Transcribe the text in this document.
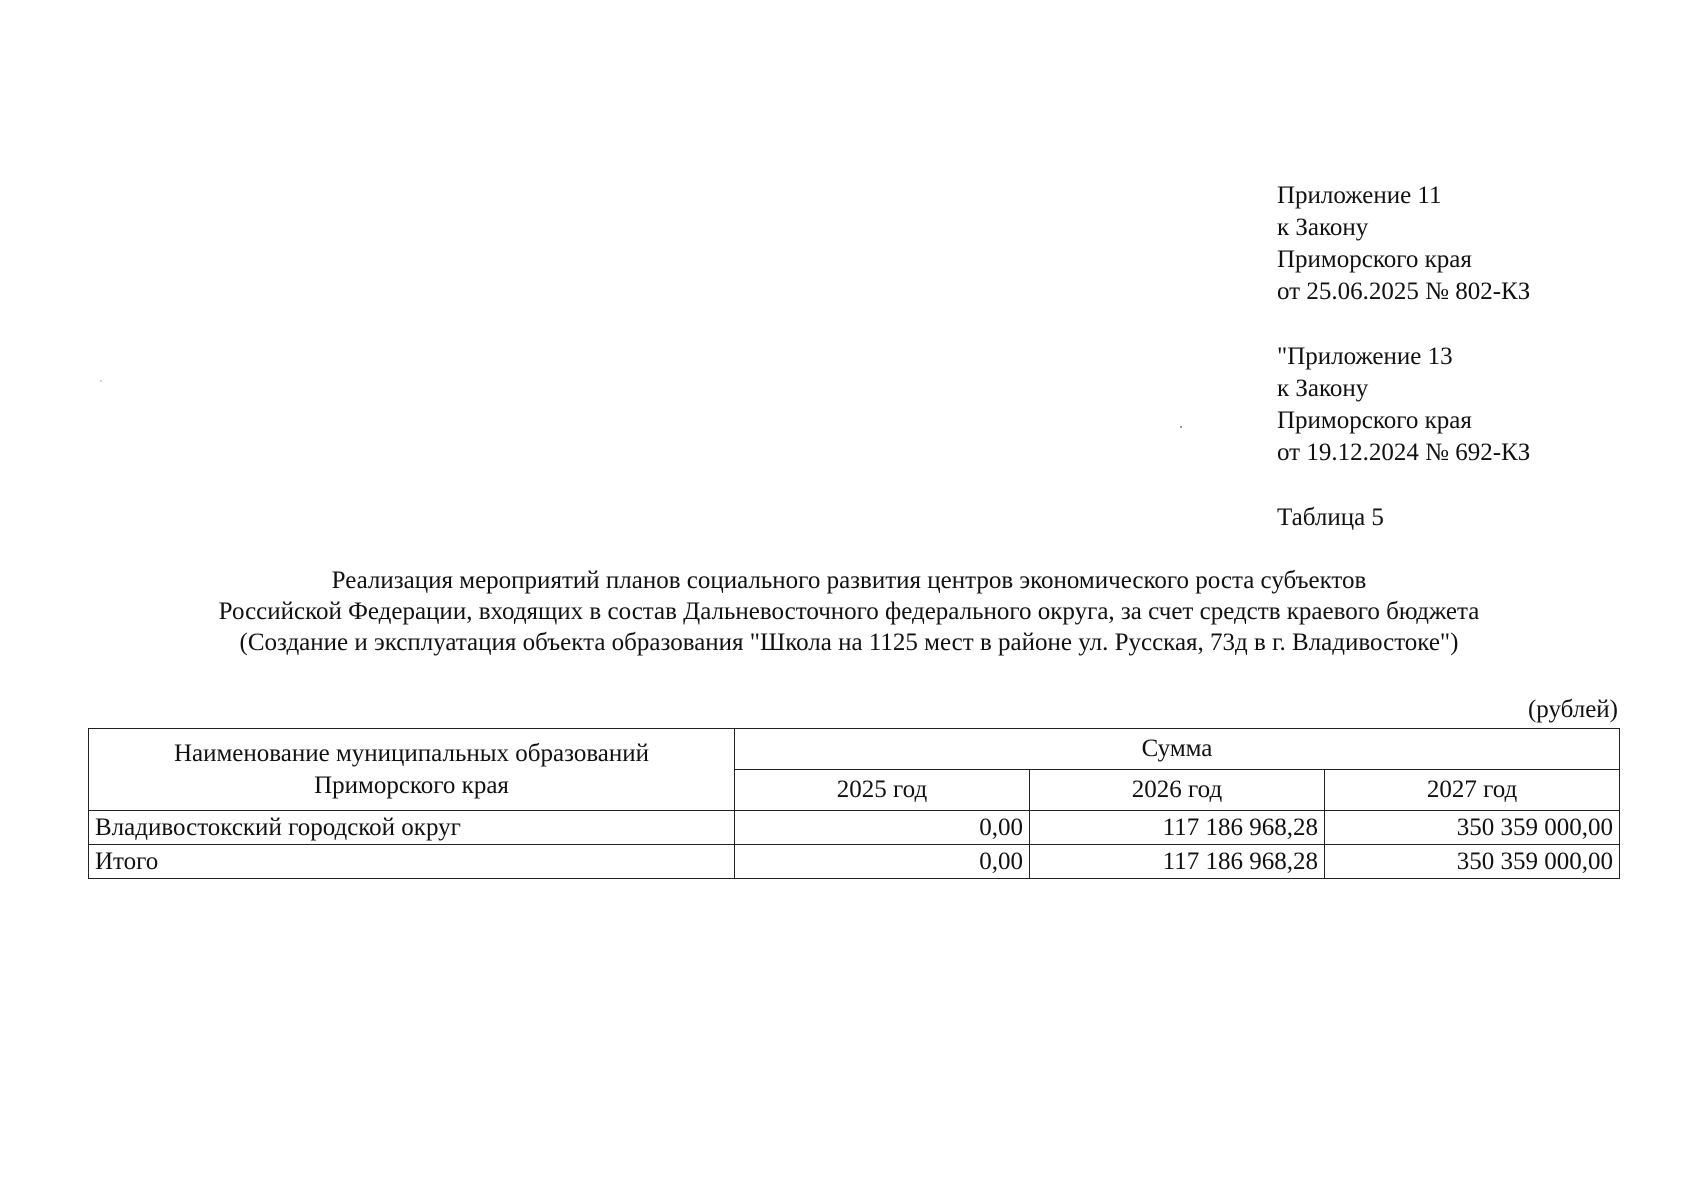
Приложение 11
к Закону
Приморского края
от 25.06.2025 № 802-КЗ
"Приложение 13
к Закону
Приморского края
от 19.12.2024 № 692-КЗ
Таблица 5
Реализация мероприятий планов социального развития центров экономического роста субъектов
Российской Федерации, входящих в состав Дальневосточного федерального округа, за счет средств краевого бюджета
(Создание и эксплуатация объекта образования "Школа на 1125 мест в районе ул. Русская, 73д в г. Владивостоке")
(рублей)
Наименование муниципальных образований
Приморского края	Сумма		
	2025 год	2026 год	2027 год
Владивостокский городской округ	0,00	117 186 968,28	350 359 000,00
Итого	0,00	117 186 968,28	350 359 000,00
